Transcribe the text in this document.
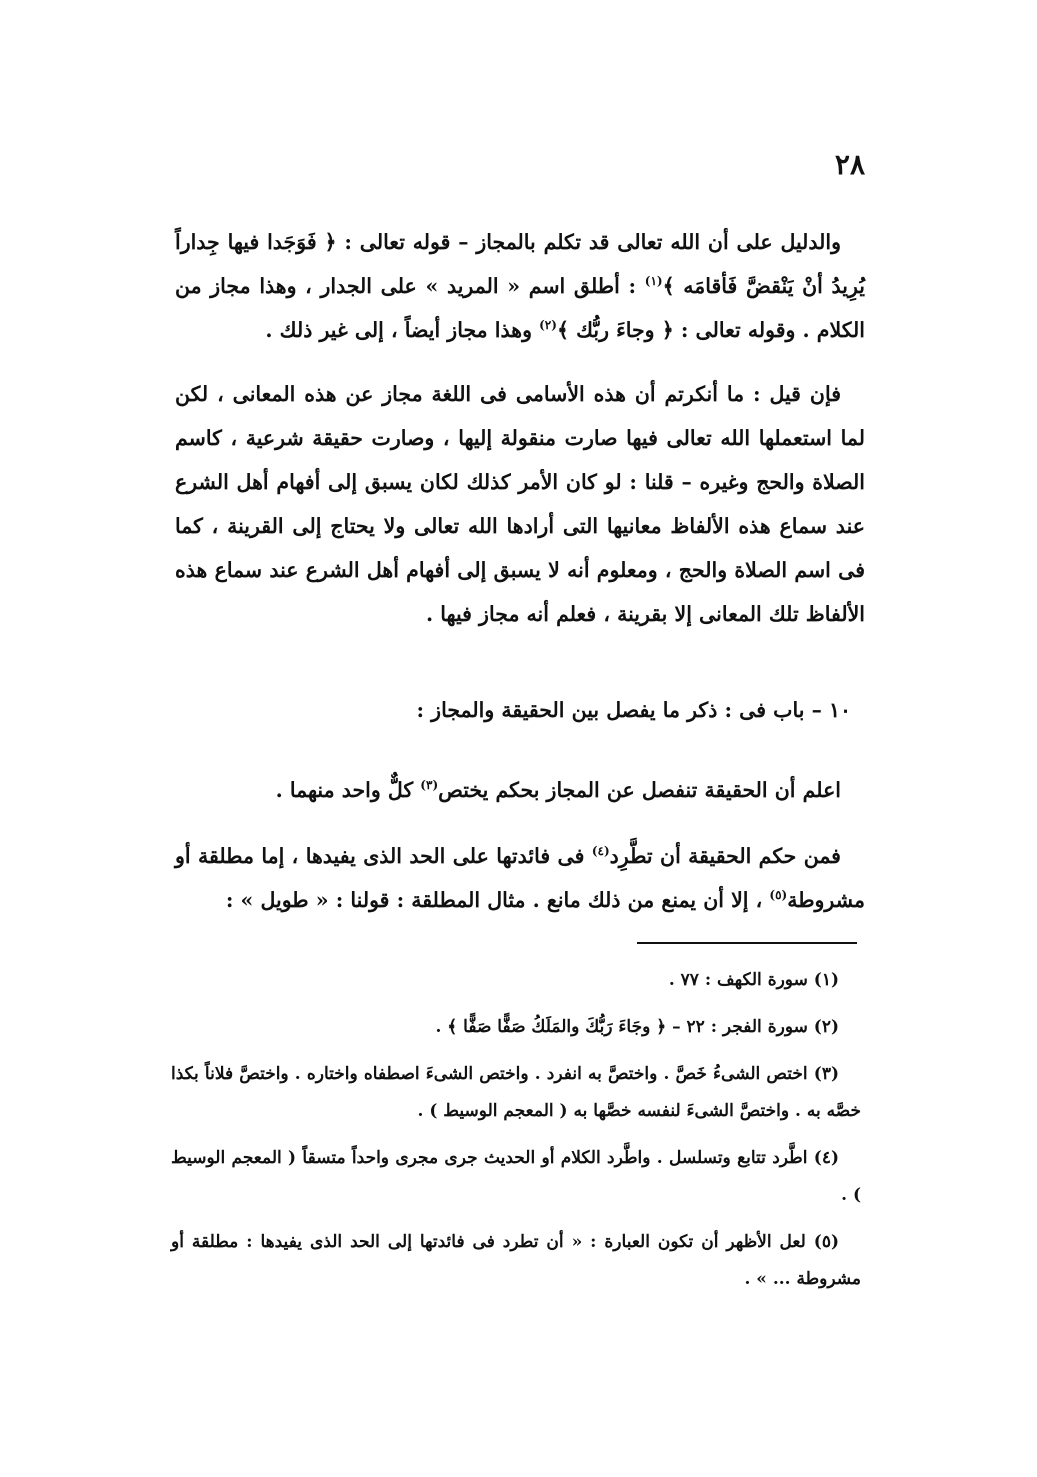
٢٨

والدليل على أن الله تعالى قد تكلم بالمجاز – قوله تعالى : ﴿ فَوَجَدا فيها جِداراً يُرِيدُ أنْ يَنْقضَّ فَأقامَه ﴾$^{(١)}$ : أطلق اسم « المريد » على الجدار ، وهذا مجاز من الكلام . وقوله تعالى : ﴿ وجاءَ ربُّك ﴾$^{(٢)}$ وهذا مجاز أيضاً ، إلى غير ذلك .

فإن قيل : ما أنكرتم أن هذه الأسامى فى اللغة مجاز عن هذه المعانى ، لكن لما استعملها الله تعالى فيها صارت منقولة إليها ، وصارت حقيقة شرعية ، كاسم الصلاة والحج وغيره – قلنا : لو كان الأمر كذلك لكان يسبق إلى أفهام أهل الشرع عند سماع هذه الألفاظ معانيها التى أرادها الله تعالى ولا يحتاج إلى القرينة ، كما فى اسم الصلاة والحج ، ومعلوم أنه لا يسبق إلى أفهام أهل الشرع عند سماع هذه الألفاظ تلك المعانى إلا بقرينة ، فعلم أنه مجاز فيها .

١٠ – باب فى : ذكر ما يفصل بين الحقيقة والمجاز :

اعلم أن الحقيقة تنفصل عن المجاز بحكم يختص$^{(٣)}$ كلٌّ واحد منهما .

فمن حكم الحقيقة أن تطَّرِد$^{(٤)}$ فى فائدتها على الحد الذى يفيدها ، إما مطلقة أو مشروطة$^{(٥)}$ ، إلا أن يمنع من ذلك مانع . مثال المطلقة : قولنا : « طويل » :

(١) سورة الكهف : ٧٧ .

(٢) سورة الفجر : ٢٢ – ﴿ وجَاءَ رَبُّكَ والمَلَكُ صَفًّا صَفًّا ﴾ .

(٣) اختص الشىءُ خَصَّ . واختصَّ به انفرد . واختص الشىءَ اصطفاه واختاره . واختصَّ فلاناً بكذا خصَّه به . واختصَّ الشىءَ لنفسه خصَّها به ( المعجم الوسيط ) .

(٤) اطَّرد تتابع وتسلسل . واطَّرد الكلام أو الحديث جرى مجرى واحداً متسقاً ( المعجم الوسيط ) .

(٥) لعل الأظهر أن تكون العبارة : « أن تطرد فى فائدتها إلى الحد الذى يفيدها : مطلقة أو مشروطة ... » .
